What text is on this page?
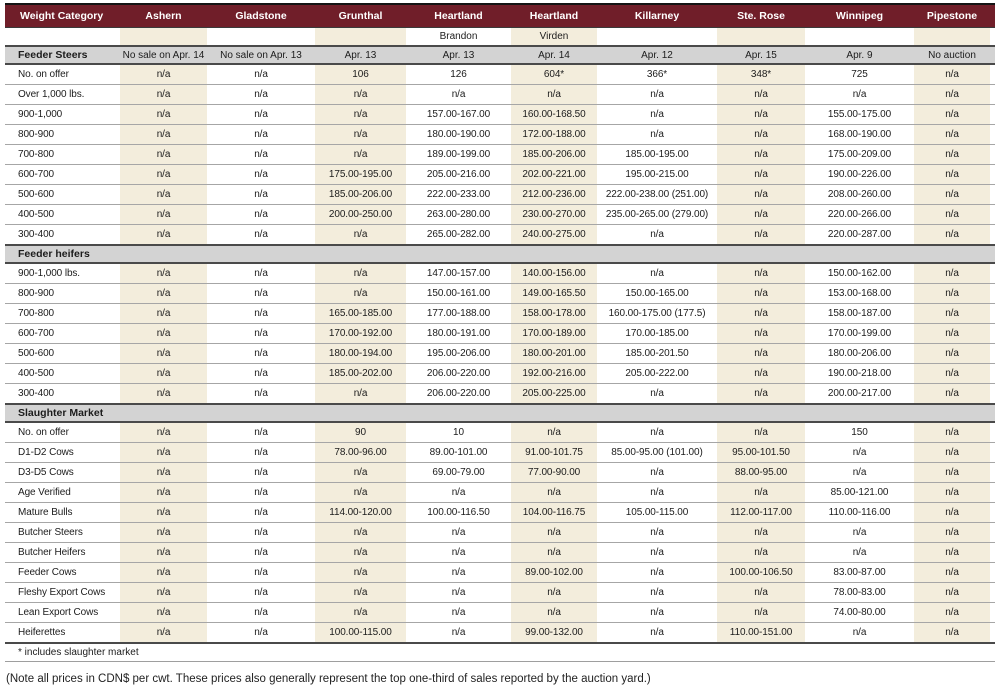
Weight Category	Ashern	Gladstone	Grunthal	Heartland	Heartland	Killarney	Ste. Rose	Winnipeg	Pipestone
				Brandon	Virden				
Feeder Steers	No sale on Apr. 14	No sale on Apr. 13	Apr. 13	Apr. 13	Apr. 14	Apr. 12	Apr. 15	Apr. 9	No auction
No. on offer	n/a	n/a	106	126	604*	366*	348*	725	n/a
Over 1,000 lbs.	n/a	n/a	n/a	n/a	n/a	n/a	n/a	n/a	n/a
900-1,000	n/a	n/a	n/a	157.00-167.00	160.00-168.50	n/a	n/a	155.00-175.00	n/a
800-900	n/a	n/a	n/a	180.00-190.00	172.00-188.00	n/a	n/a	168.00-190.00	n/a
700-800	n/a	n/a	n/a	189.00-199.00	185.00-206.00	185.00-195.00	n/a	175.00-209.00	n/a
600-700	n/a	n/a	175.00-195.00	205.00-216.00	202.00-221.00	195.00-215.00	n/a	190.00-226.00	n/a
500-600	n/a	n/a	185.00-206.00	222.00-233.00	212.00-236.00	222.00-238.00 (251.00)	n/a	208.00-260.00	n/a
400-500	n/a	n/a	200.00-250.00	263.00-280.00	230.00-270.00	235.00-265.00 (279.00)	n/a	220.00-266.00	n/a
300-400	n/a	n/a	n/a	265.00-282.00	240.00-275.00	n/a	n/a	220.00-287.00	n/a
Feeder heifers									
900-1,000 lbs.	n/a	n/a	n/a	147.00-157.00	140.00-156.00	n/a	n/a	150.00-162.00	n/a
800-900	n/a	n/a	n/a	150.00-161.00	149.00-165.50	150.00-165.00	n/a	153.00-168.00	n/a
700-800	n/a	n/a	165.00-185.00	177.00-188.00	158.00-178.00	160.00-175.00 (177.5)	n/a	158.00-187.00	n/a
600-700	n/a	n/a	170.00-192.00	180.00-191.00	170.00-189.00	170.00-185.00	n/a	170.00-199.00	n/a
500-600	n/a	n/a	180.00-194.00	195.00-206.00	180.00-201.00	185.00-201.50	n/a	180.00-206.00	n/a
400-500	n/a	n/a	185.00-202.00	206.00-220.00	192.00-216.00	205.00-222.00	n/a	190.00-218.00	n/a
300-400	n/a	n/a	n/a	206.00-220.00	205.00-225.00	n/a	n/a	200.00-217.00	n/a
Slaughter Market									
No. on offer	n/a	n/a	90	10	n/a	n/a	n/a	150	n/a
D1-D2 Cows	n/a	n/a	78.00-96.00	89.00-101.00	91.00-101.75	85.00-95.00 (101.00)	95.00-101.50	n/a	n/a
D3-D5 Cows	n/a	n/a	n/a	69.00-79.00	77.00-90.00	n/a	88.00-95.00	n/a	n/a
Age Verified	n/a	n/a	n/a	n/a	n/a	n/a	n/a	85.00-121.00	n/a
Mature Bulls	n/a	n/a	114.00-120.00	100.00-116.50	104.00-116.75	105.00-115.00	112.00-117.00	110.00-116.00	n/a
Butcher Steers	n/a	n/a	n/a	n/a	n/a	n/a	n/a	n/a	n/a
Butcher Heifers	n/a	n/a	n/a	n/a	n/a	n/a	n/a	n/a	n/a
Feeder Cows	n/a	n/a	n/a	n/a	89.00-102.00	n/a	100.00-106.50	83.00-87.00	n/a
Fleshy Export Cows	n/a	n/a	n/a	n/a	n/a	n/a	n/a	78.00-83.00	n/a
Lean Export Cows	n/a	n/a	n/a	n/a	n/a	n/a	n/a	74.00-80.00	n/a
Heiferettes	n/a	n/a	100.00-115.00	n/a	99.00-132.00	n/a	110.00-151.00	n/a	n/a
* includes slaughter market									
(Note all prices in CDN$ per cwt. These prices also generally represent the top one-third of sales reported by the auction yard.)
